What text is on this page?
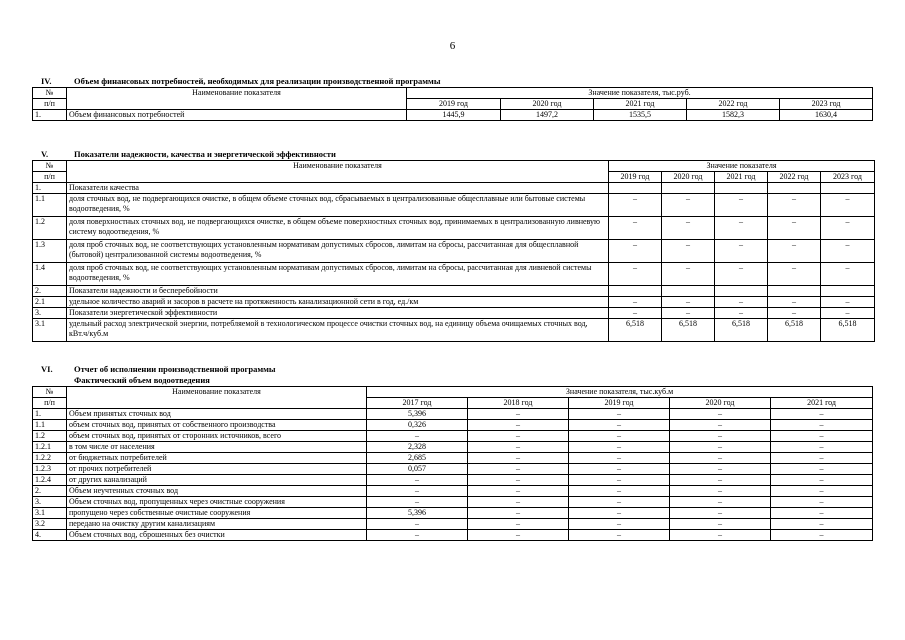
6
IV.	Объем финансовых потребностей, необходимых для реализации производственной программы
№	Наименование показателя	Значение показателя, тыс.руб.				
п/п		2019 год	2020 год	2021 год	2022 год	2023 год
1.	Объем финансовых потребностей	1445,9	1497,2	1535,5	1582,3	1630,4
V.	Показатели надежности, качества и энергетической эффективности
№	Наименование показателя	Значение показателя				
п/п		2019 год	2020 год	2021 год	2022 год	2023 год
1.	Показатели качества					
1.1	доля сточных вод, не подвергающихся очистке, в общем объеме сточных вод, сбрасываемых в централизованные общесплавные или бытовые системы водоотведения, %	–	–	–	–	–
1.2	доля поверхностных сточных вод, не подвергающихся очистке, в общем объеме поверхностных сточных вод, принимаемых в централизованную ливневую систему водоотведения, %	–	–	–	–	–
1.3	доля проб сточных вод, не соответствующих установленным нормативам допустимых сбросов, лимитам на сбросы, рассчитанная для общесплавной (бытовой) централизованной системы водоотведения, %	–	–	–	–	–
1.4	доля проб сточных вод, не соответствующих установленным нормативам допустимых сбросов, лимитам на сбросы, рассчитанная для ливневой системы водоотведения, %	–	–	–	–	–
2.	Показатели надежности и бесперебойности					
2.1	удельное количество аварий и засоров в расчете на протяженность канализационной сети в год, ед./км	–	–	–	–	–
3.	Показатели энергетической эффективности	–	–	–	–	–
3.1	удельный расход электрической энергии, потребляемой в технологическом процессе очистки сточных вод, на единицу объема очищаемых сточных вод, кВт.ч/куб.м	6,518	6,518	6,518	6,518	6,518
VI.	Отчет об исполнении производственной программы
Фактический объем водоотведения
№	Наименование показателя	Значение показателя, тыс.куб.м				
п/п		2017 год	2018 год	2019 год	2020 год	2021 год
1.	Объем принятых сточных вод	5,396	–	–	–	–
1.1	объем сточных вод, принятых от собственного производства	0,326	–	–	–	–
1.2	объем сточных вод, принятых от сторонних источников, всего	–	–	–	–	–
1.2.1	в том числе от населения	2,328	–	–	–	–
1.2.2	от бюджетных потребителей	2,685	–	–	–	–
1.2.3	от прочих потребителей	0,057	–	–	–	–
1.2.4	от других канализаций	–	–	–	–	–
2.	Объем неучтенных сточных вод	–	–	–	–	–
3.	Объем сточных вод, пропущенных через очистные сооружения	–	–	–	–	–
3.1	пропущено через собственные очистные сооружения	5,396	–	–	–	–
3.2	передано на очистку другим канализациям	–	–	–	–	–
4.	Объем сточных вод, сброшенных без очистки	–	–	–	–	–
